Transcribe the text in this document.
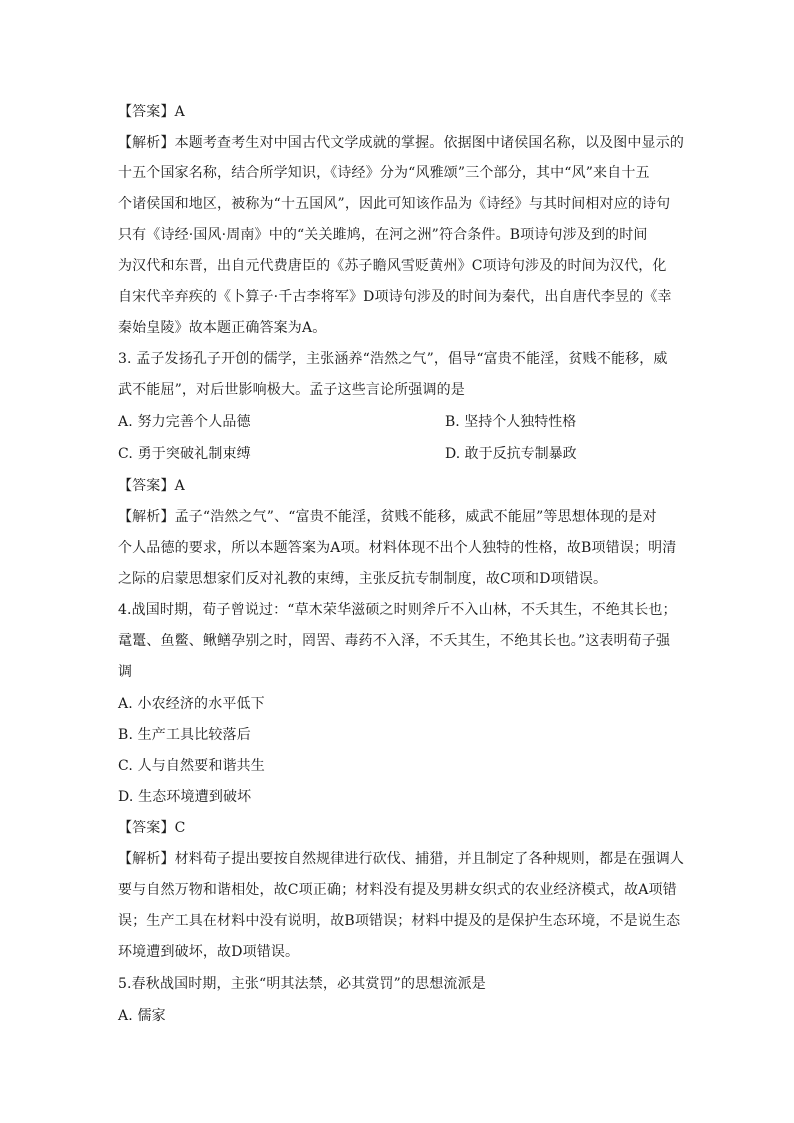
【答案】A
【解析】本题考查考生对中国古代文学成就的掌握。依据图中诸侯国名称，以及图中显示的
十五个国家名称，结合所学知识，《诗经》分为“风雅颂”三个部分，其中“风”来自十五
个诸侯国和地区，被称为“十五国风”，因此可知该作品为《诗经》与其时间相对应的诗句
只有《诗经·国风·周南》中的“关关雎鸠，在河之洲”符合条件。B项诗句涉及到的时间
为汉代和东晋，出自元代费唐臣的《苏子瞻风雪贬黄州》C项诗句涉及的时间为汉代，化
自宋代辛弃疾的《卜算子·千古李将军》D项诗句涉及的时间为秦代，出自唐代李昱的《幸
秦始皇陵》故本题正确答案为A。
3. 孟子发扬孔子开创的儒学，主张涵养“浩然之气”，倡导“富贵不能淫，贫贱不能移，威
武不能屈”，对后世影响极大。孟子这些言论所强调的是
A. 努力完善个人品德	B. 坚持个人独特性格
C. 勇于突破礼制束缚	D. 敢于反抗专制暴政
【答案】A
【解析】孟子“浩然之气”、“富贵不能淫，贫贱不能移，威武不能屈”等思想体现的是对
个人品德的要求，所以本题答案为A项。材料体现不出个人独特的性格，故B项错误；明清
之际的启蒙思想家们反对礼教的束缚，主张反抗专制制度，故C项和D项错误。
4.战国时期，荀子曾说过：“草木荣华滋硕之时则斧斤不入山林，不夭其生，不绝其长也；
鼋鼍、鱼鳖、鳅鳝孕别之时，罔罟、毒药不入泽，不夭其生，不绝其长也。”这表明荀子强
调
A. 小农经济的水平低下
B. 生产工具比较落后
C. 人与自然要和谐共生
D. 生态环境遭到破坏
【答案】C
【解析】材料荀子提出要按自然规律进行砍伐、捕猎，并且制定了各种规则，都是在强调人
要与自然万物和谐相处，故C项正确；材料没有提及男耕女织式的农业经济模式，故A项错
误；生产工具在材料中没有说明，故B项错误；材料中提及的是保护生态环境，不是说生态
环境遭到破坏，故D项错误。
5.春秋战国时期，主张“明其法禁，必其赏罚”的思想流派是
A. 儒家
